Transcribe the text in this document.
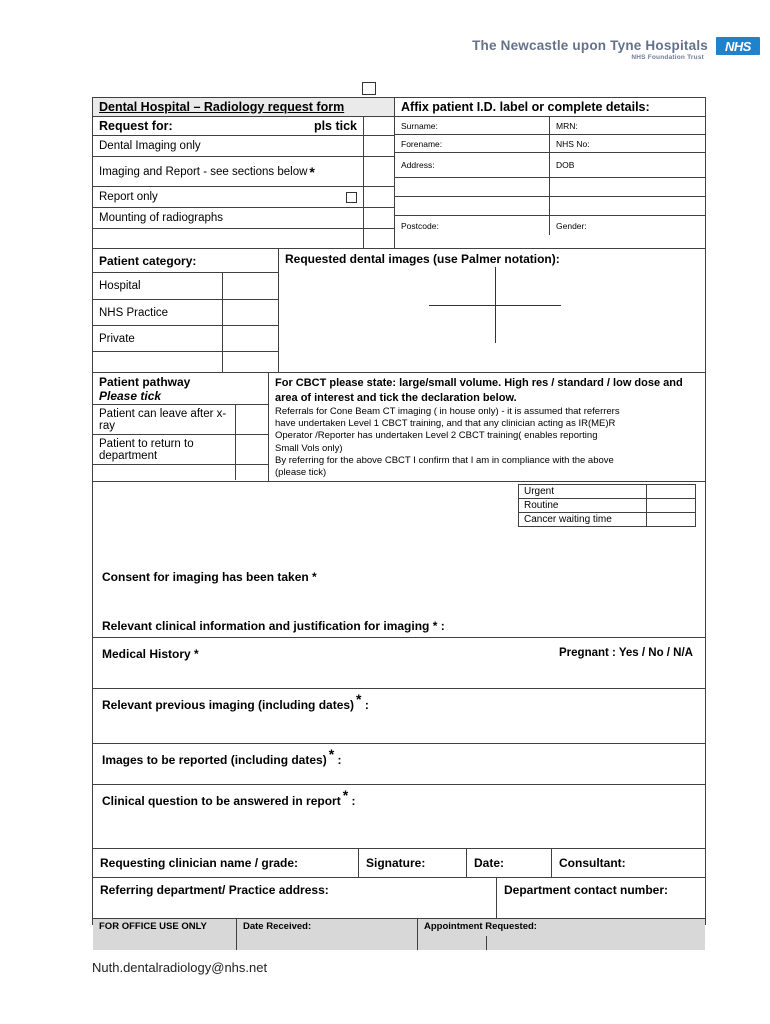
The Newcastle upon Tyne Hospitals
NHS Foundation Trust
NHS
Dental Hospital – Radiology request form
Request for:	pls tick
Dental Imaging only
Imaging and Report - see sections below *
Report only
Mounting of radiographs
Affix patient I.D. label or complete details:
Surname:	MRN:
Forename:	NHS No:
Address:	DOB
Postcode:	Gender:
Patient category:
Hospital
NHS Practice
Private
Requested dental images (use Palmer notation):
Patient pathway
Please tick
Patient can leave after x-ray
Patient to return to department
For CBCT please state: large/small volume. High res / standard / low dose and area of interest and tick the declaration below.
Referrals for Cone Beam CT imaging ( in house only) - it is assumed that referrers
have undertaken Level 1 CBCT training, and that any clinician acting as IR(ME)R
Operator /Reporter has undertaken Level 2 CBCT training( enables reporting
Small Vols only)
By referring for the above CBCT I confirm that I am in compliance with the above
(please tick)
Urgent
Routine
Cancer waiting time
Consent for imaging has been taken *
Relevant clinical information and justification for imaging * :
Medical History *	Pregnant : Yes / No / N/A
Relevant previous imaging (including dates) * :
Images to be reported (including dates) * :
Clinical question to be answered in report * :
Requesting clinician name / grade:	Signature:	Date:	Consultant:
Referring department/ Practice address:	Department contact number:
FOR OFFICE USE ONLY	Date Received:	Appointment Requested:
Nuth.dentalradiology@nhs.net
